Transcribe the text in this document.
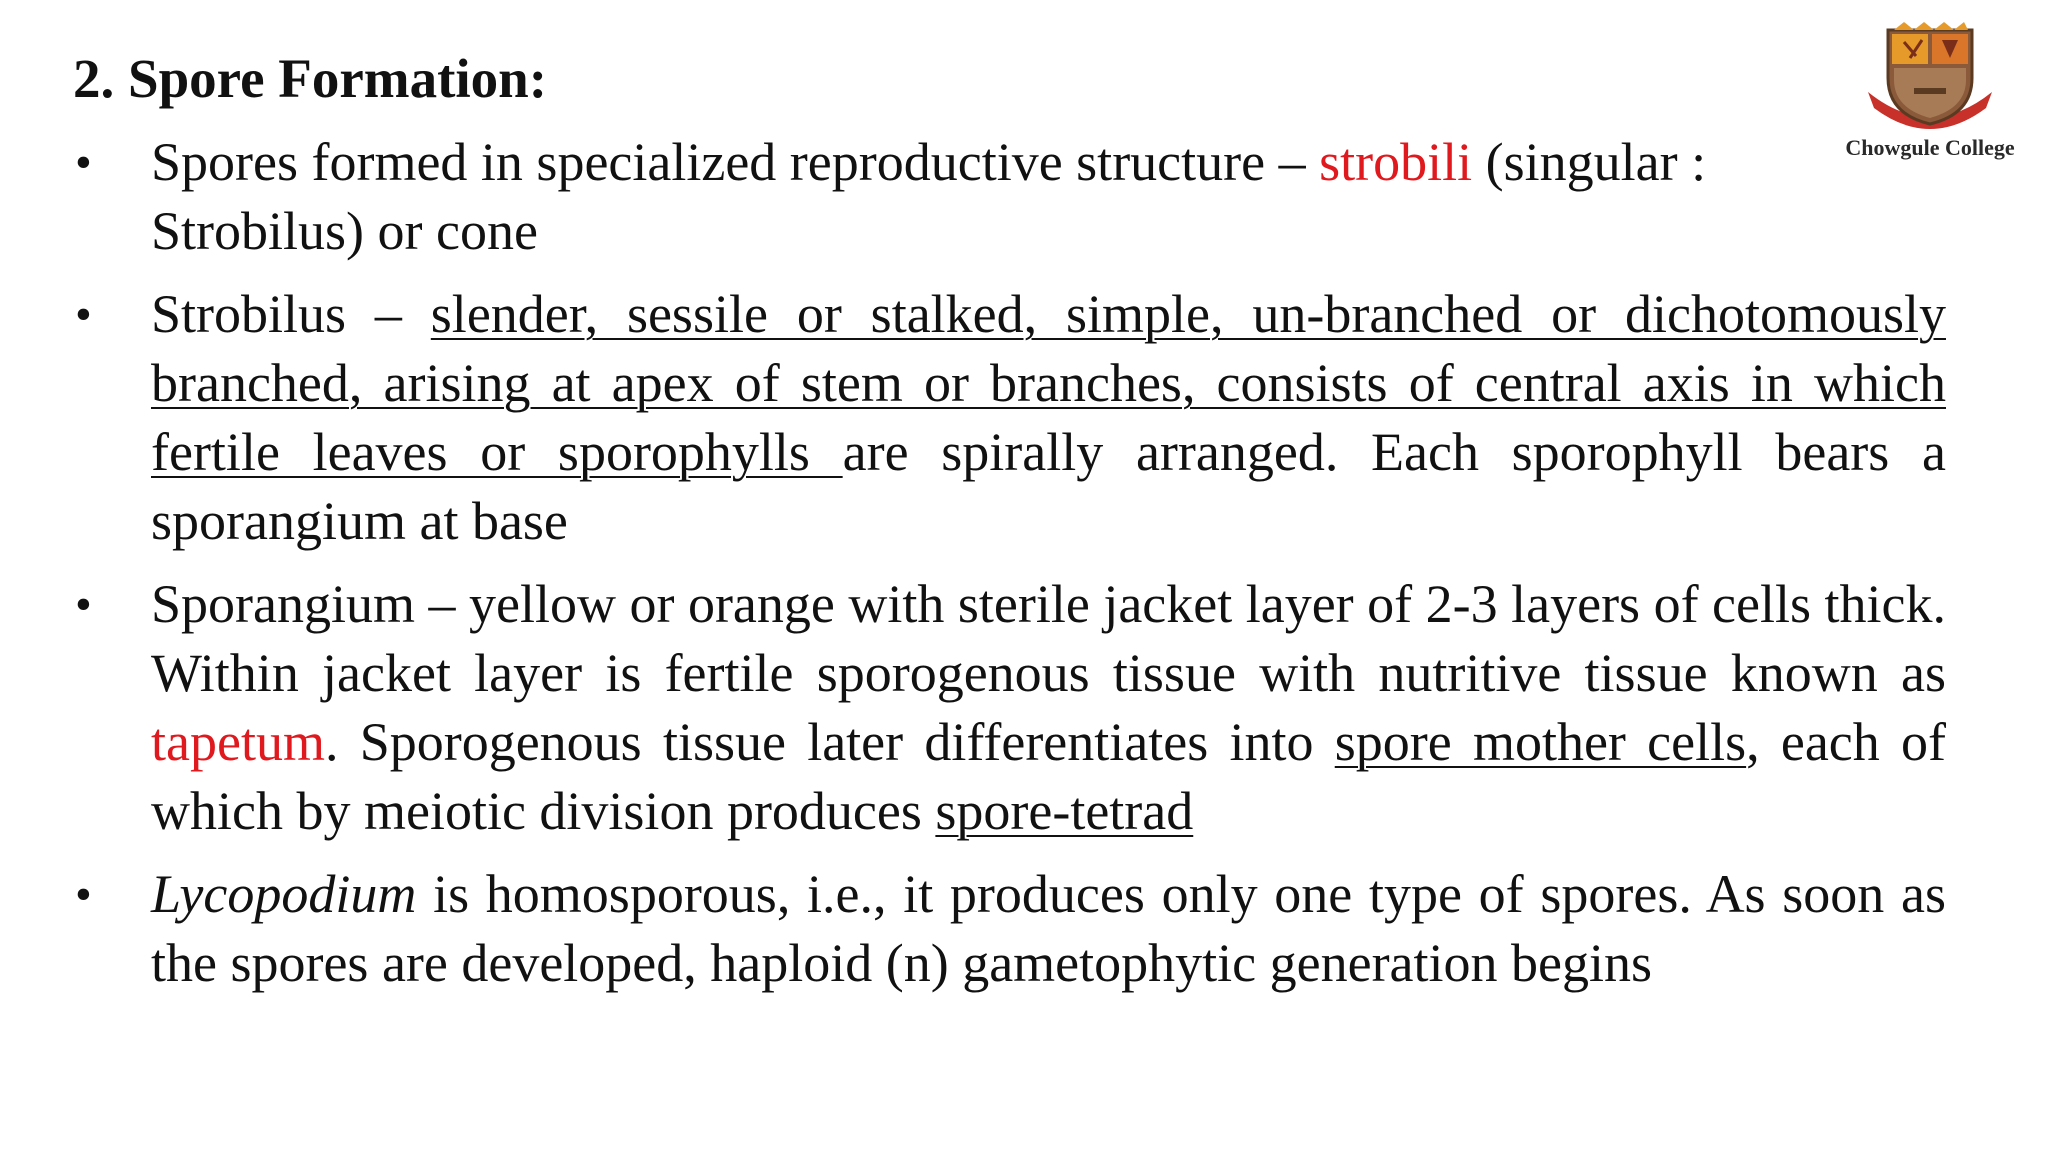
2. Spore Formation:
Chowgule College
• Spores formed in specialized reproductive structure – strobili (singular : Strobilus) or cone
• Strobilus – slender, sessile or stalked, simple, un-branched or dichotomously branched, arising at apex of stem or branches, consists of central axis in which fertile leaves or sporophylls are spirally arranged. Each sporophyll bears a sporangium at base
• Sporangium – yellow or orange with sterile jacket layer of 2-3 layers of cells thick. Within jacket layer is fertile sporogenous tissue with nutritive tissue known as tapetum. Sporogenous tissue later differentiates into spore mother cells, each of which by meiotic division produces spore-tetrad
• Lycopodium is homosporous, i.e., it produces only one type of spores. As soon as the spores are developed, haploid (n) gametophytic generation begins
